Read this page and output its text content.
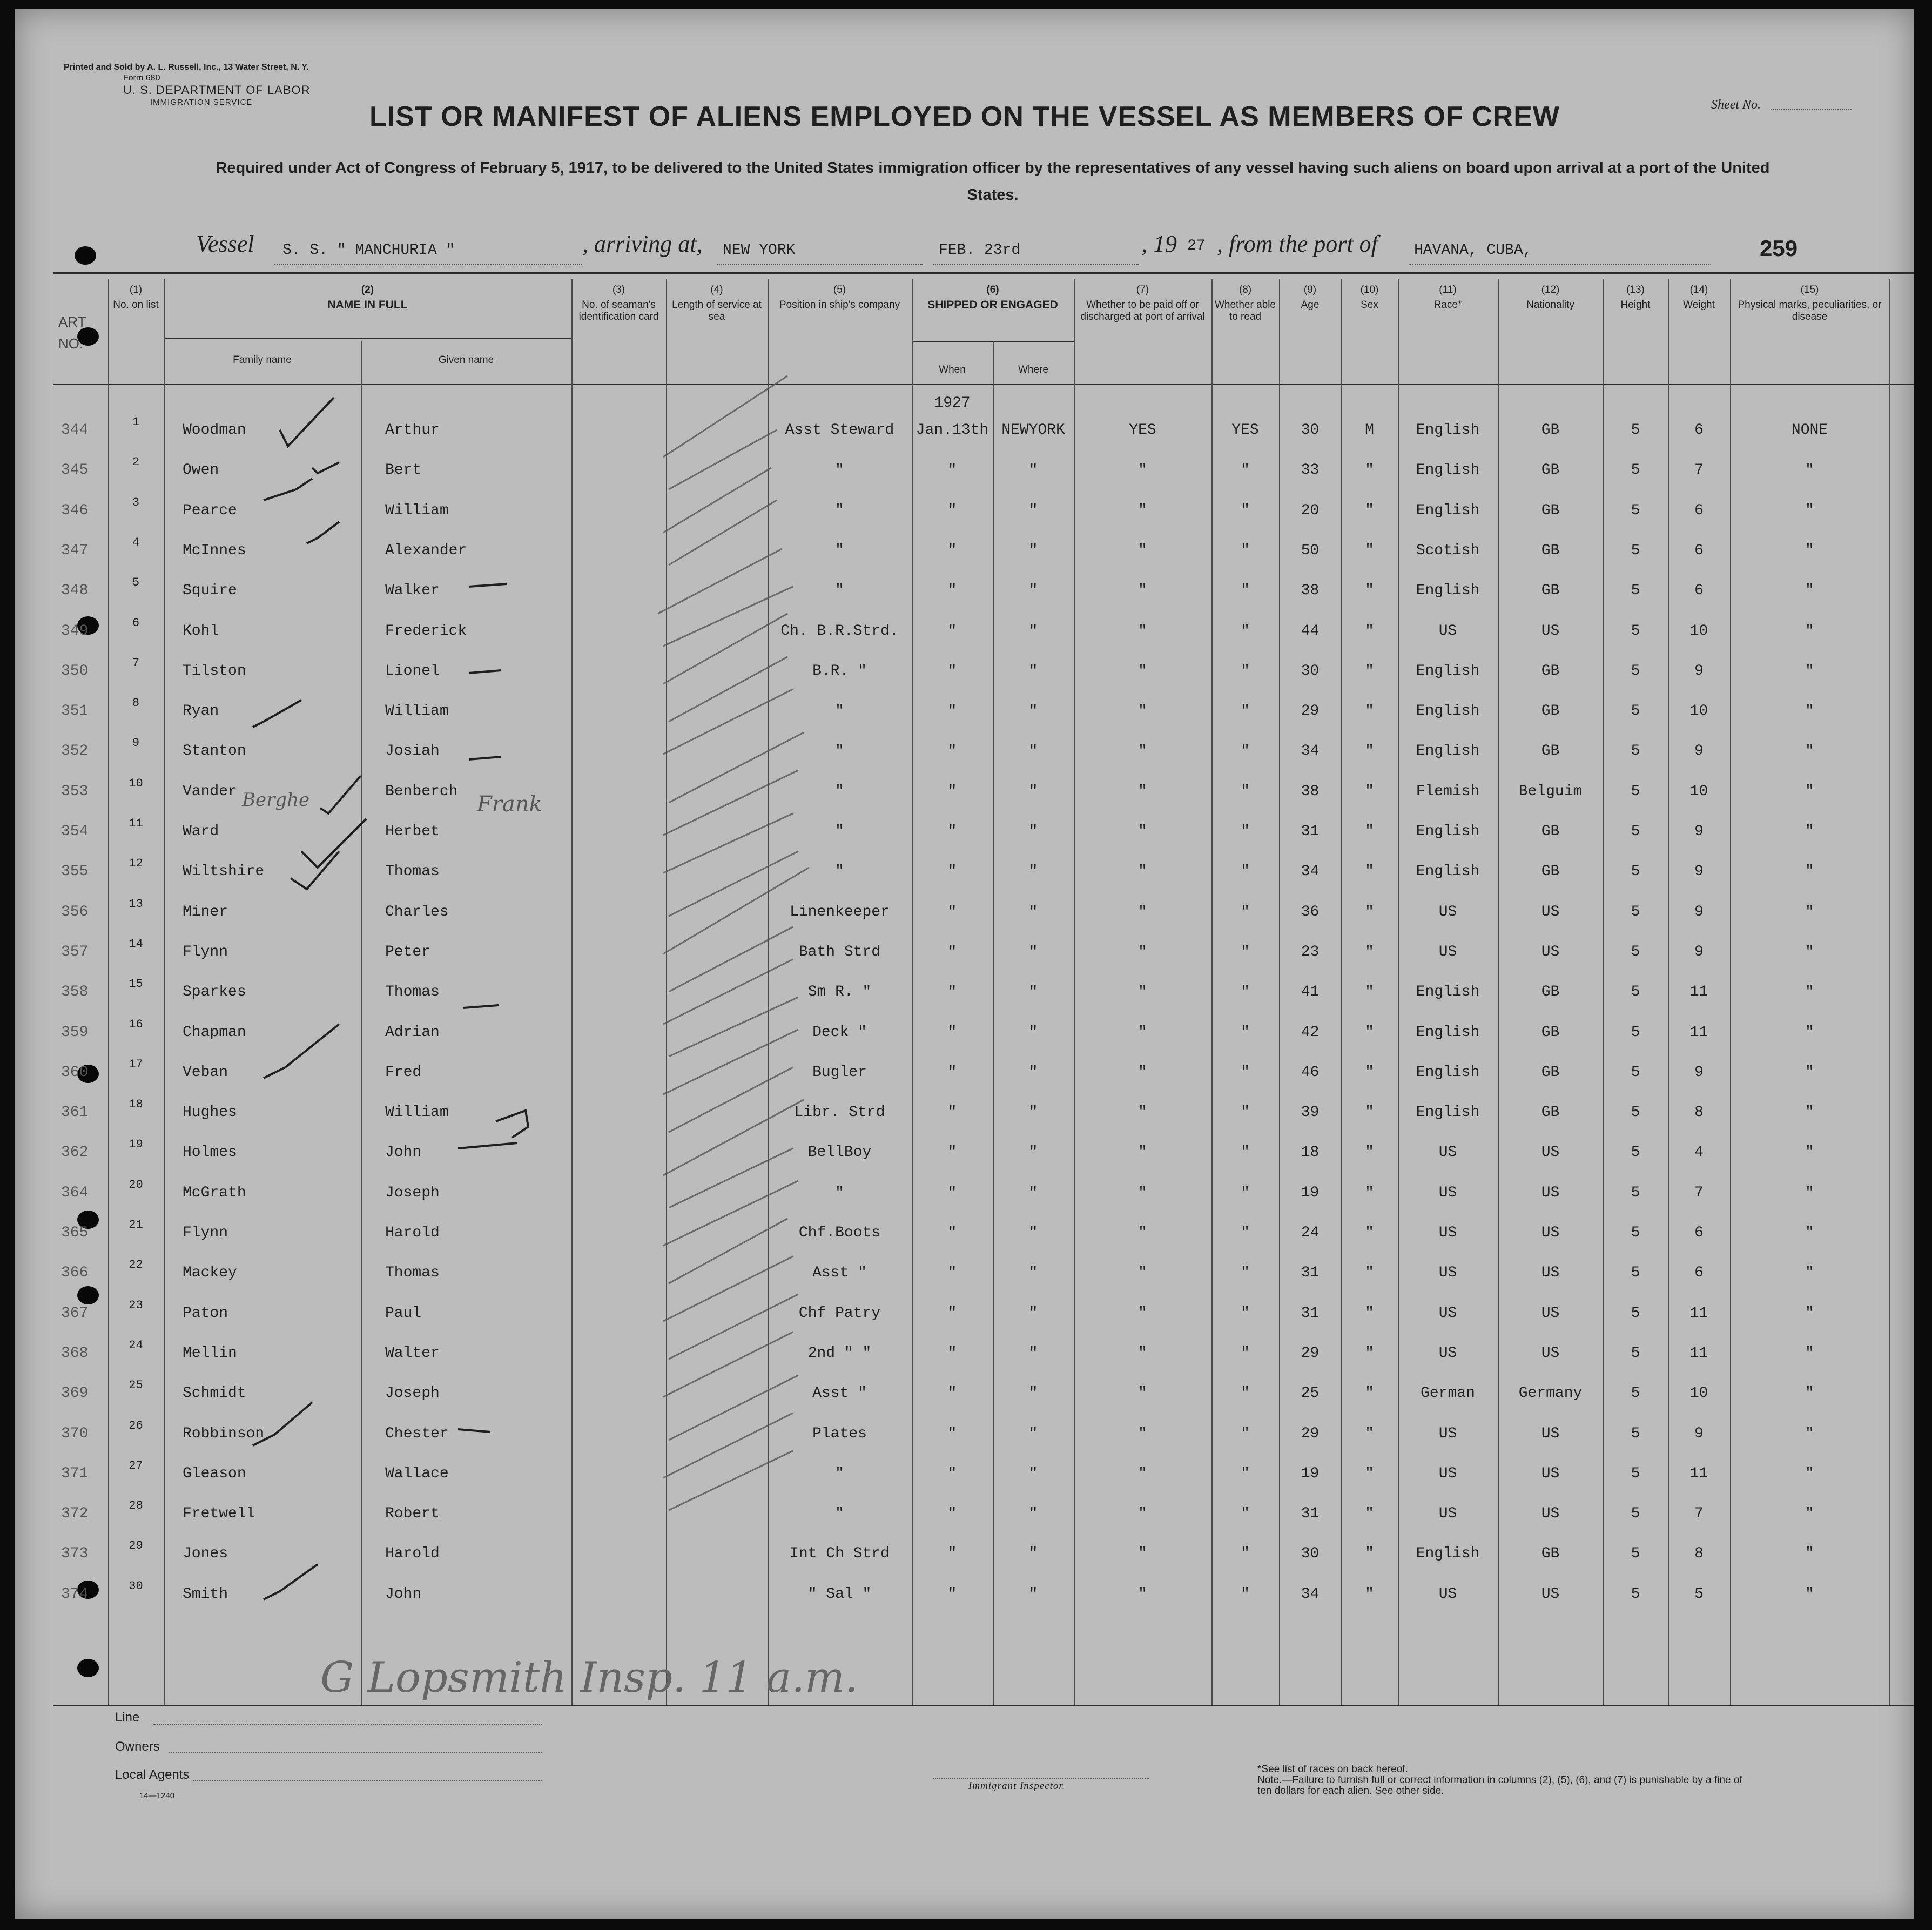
Printed and Sold by A. L. Russell, Inc., 13 Water Street, N. Y.
Form 680
U. S. DEPARTMENT OF LABOR
IMMIGRATION SERVICE	Sheet No.
LIST OR MANIFEST OF ALIENS EMPLOYED ON THE VESSEL AS MEMBERS OF CREW
Required under Act of Congress of February 5, 1917, to be delivered to the United States immigration officer by the representatives of any vessel having such aliens on board upon arrival at a port of the United States.
Vessel S. S. " MANCHURIA "	, arriving at, NEW YORK	FEB. 23rd	, 19 27 , from the port of HAVANA, CUBA,	259
ART NO.
(1)
No. on list
(2)
NAME IN FULL
Family name	Given name
(3)
No. of seaman's identification card
(4)
Length of service at sea
(5)
Position in ship's company
(6)
SHIPPED OR ENGAGED
When	Where
(7)
Whether to be paid off or discharged at port of arrival
(8)
Whether able to read
(9)
Age
(10)
Sex
(11)
Race*
(12)
Nationality
(13)
Height
(14)
Weight
(15)
Physical marks, peculiarities, or disease
344	1	Woodman	Arthur	Asst Steward	Jan.13th NEWYORK	YES	YES	30	M	English	GB	5	6	NONE
345	2	Owen	Bert	"	"	"	"	"	33	"	English	GB	5	7	"
346	3	Pearce	William	"	"	"	"	"	20	"	English	GB	5	6	"
347	4	McInnes	Alexander	"	"	"	"	"	50	"	Scotish	GB	5	6	"
348	5	Squire	Walker	"	"	"	"	"	38	"	English	GB	5	6	"
349	6	Kohl	Frederick	Ch. B.R.Strd.	"	"	"	"	44	"	US	US	5	10	"
350	7	Tilston	Lionel	B.R. "	"	"	"	"	30	"	English	GB	5	9	"
351	8	Ryan	William	"	"	"	"	"	29	"	English	GB	5	10	"
352	9	Stanton	Josiah	"	"	"	"	"	34	"	English	GB	5	9	"
353	10	Vander	Benberch	"	"	"	"	"	38	"	Flemish	Belguim	5	10	"
354	11	Ward	Herbet	"	"	"	"	"	31	"	English	GB	5	9	"
355	12	Wiltshire	Thomas	"	"	"	"	"	34	"	English	GB	5	9	"
356	13	Miner	Charles	Linenkeeper	"	"	"	"	36	"	US	US	5	9	"
357	14	Flynn	Peter	Bath Strd	"	"	"	"	23	"	US	US	5	9	"
358	15	Sparkes	Thomas	Sm R. "	"	"	"	"	41	"	English	GB	5	11	"
359	16	Chapman	Adrian	Deck "	"	"	"	"	42	"	English	GB	5	11	"
360	17	Veban	Fred	Bugler	"	"	"	"	46	"	English	GB	5	9	"
361	18	Hughes	William	Libr. Strd	"	"	"	"	39	"	English	GB	5	8	"
362	19	Holmes	John	BellBoy	"	"	"	"	18	"	US	US	5	4	"
364	20	McGrath	Joseph	"	"	"	"	"	19	"	US	US	5	7	"
365	21	Flynn	Harold	Chf.Boots	"	"	"	"	24	"	US	US	5	6	"
366	22	Mackey	Thomas	Asst "	"	"	"	"	31	"	US	US	5	6	"
367	23	Paton	Paul	Chf Patry	"	"	"	"	31	"	US	US	5	11	"
368	24	Mellin	Walter	2nd " "	"	"	"	"	29	"	US	US	5	11	"
369	25	Schmidt	Joseph	Asst "	"	"	"	"	25	"	German	Germany	5	10	"
370	26	Robbinson	Chester	Plates	"	"	"	"	29	"	US	US	5	9	"
371	27	Gleason	Wallace	"	"	"	"	"	19	"	US	US	5	11	"
372	28	Fretwell	Robert	"	"	"	"	"	31	"	US	US	5	7	"
373	29	Jones	Harold	Int Ch Strd	"	"	"	"	30	"	English	GB	5	8	"
374	30	Smith	John	" Sal "	"	"	"	"	34	"	US	US	5	5	"
1927
Berghe	Frank
G Lopsmith Insp. 11 a.m.
Line
Owners
Local Agents
14—1240
Immigrant Inspector.
*See list of races on back hereof.
Note.—Failure to furnish full or correct information in columns (2), (5), (6), and (7) is punishable by a fine of ten dollars for each alien. See other side.
